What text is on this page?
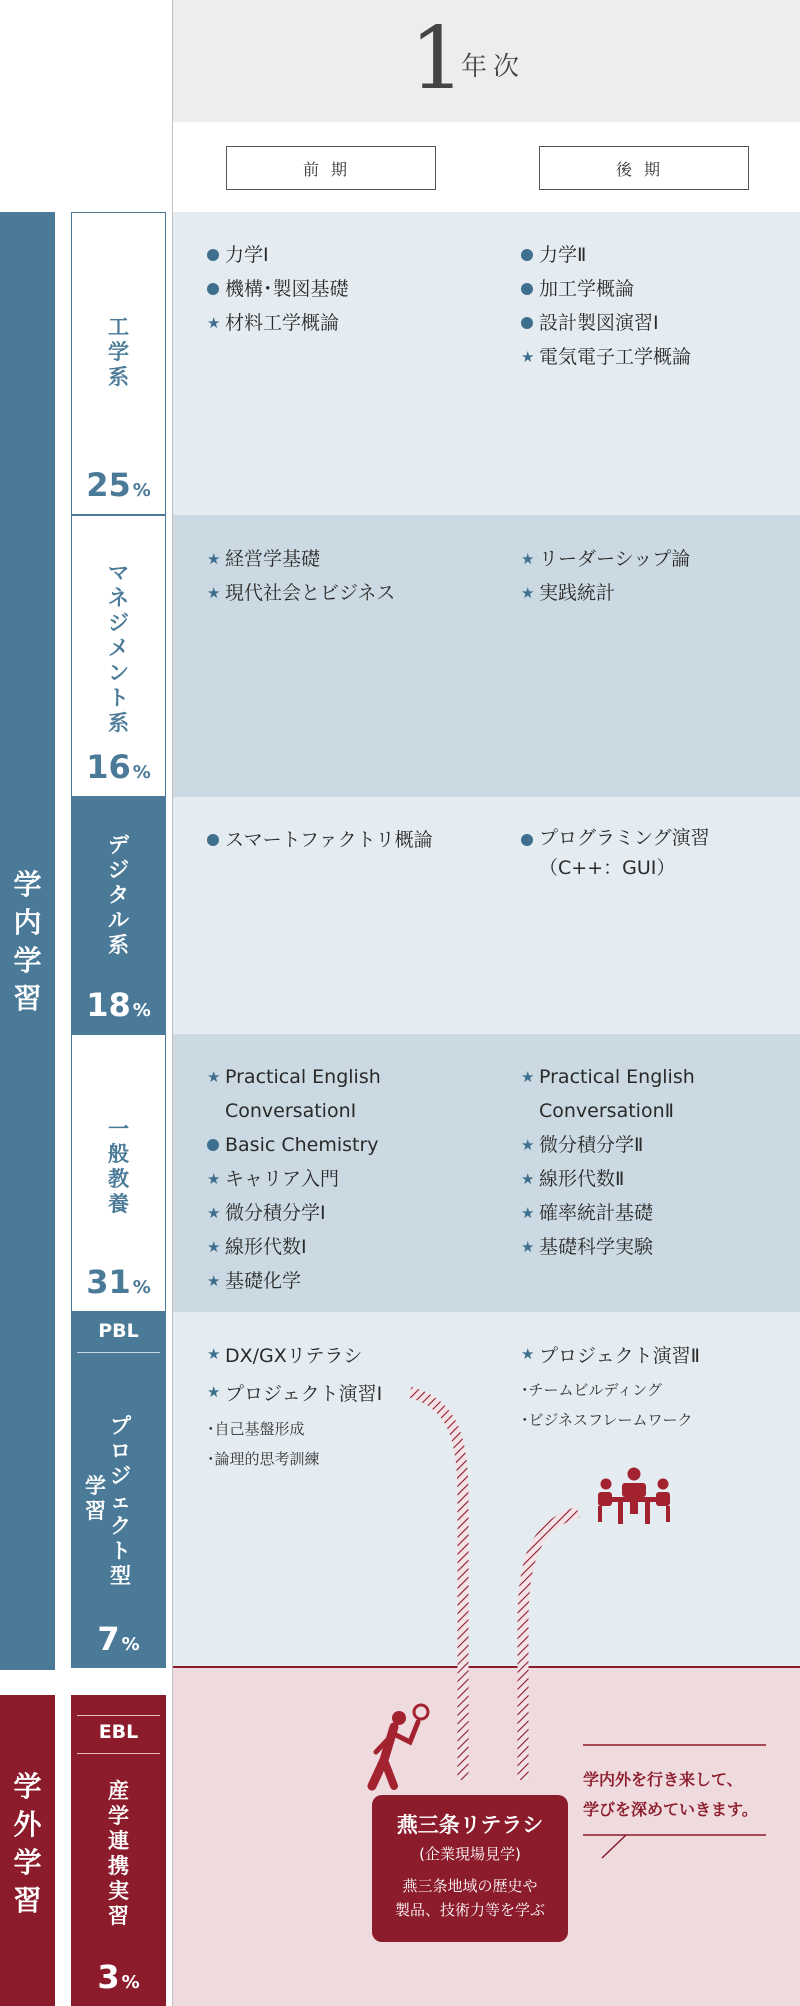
1
年次
前期	後期
学
内
学
習
学
外
学
習
工
学
系
25 %
マ
ネ
ジ
メ
ン
ト
系
16 %
デ
ジ
タ
ル
系
18 %
一
般
教
養
31 %
PBL
学
習
プ
ロ
ジ
ェ
ク
ト
型
7 %
EBL
産
学
連
携
実
習
3 %
力学Ⅰ
機構･製図基礎
★ 材料工学概論
力学Ⅱ
加工学概論
設計製図演習Ⅰ
★ 電気電子工学概論
★ 経営学基礎
★ 現代社会とビジネス
★ リーダーシップ論
★ 実践統計
スマートファクトリ概論	プログラミング演習
（C++：GUI）
★ Practical English
ConversationⅠ
Basic Chemistry
★ キャリア入門
★ 微分積分学Ⅰ
★ 線形代数Ⅰ
★ 基礎化学
★ Practical English
ConversationⅡ
★ 微分積分学Ⅱ
★ 線形代数Ⅱ
★ 確率統計基礎
★ 基礎科学実験
★ DX/GXリテラシ
★ プロジェクト演習Ⅰ
･自己基盤形成
･論理的思考訓練
★ プロジェクト演習Ⅱ
･チームビルディング
･ビジネスフレームワーク
燕三条リテラシ
(企業現場見学)
燕三条地域の歴史や
製品、技術力等を学ぶ
学内外を行き来して、
学びを深めていきます。
